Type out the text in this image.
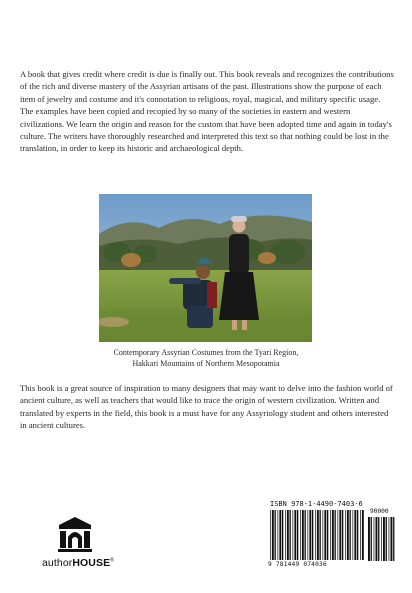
A book that gives credit where credit is due is finally out. This book reveals and recognizes the contributions of the rich and diverse mastery of the Assyrian artisans of the past. Illustrations show the purpose of each item of jewelry and costume and it's connotation to religious, royal, magical, and military specific usage. The examples have been copied and recopied by so many of the societies in eastern and western civilizations. We learn the origin and reason for the custom that have been adopted time and again in today's culture. The writers have thoroughly researched and interpreted this text so that nothing could be lost in the translation, in order to keep its historic and archaeological depth.

Contemporary Assyrian Costumes from the Tyari Region,
Hakkari Mountains of Northern Mesopotamia

This book is a great source of inspiration to many designers that may want to delve into the fashion world of ancient culture, as well as teachers that would like to trace the origin of western civilization. Written and translated by experts in the field, this book is a must have for any Assyriology student and others interested in ancient cultures.

authorHOUSE®
ISBN 978-1-4490-7403-6
9 781449 074036
90000
